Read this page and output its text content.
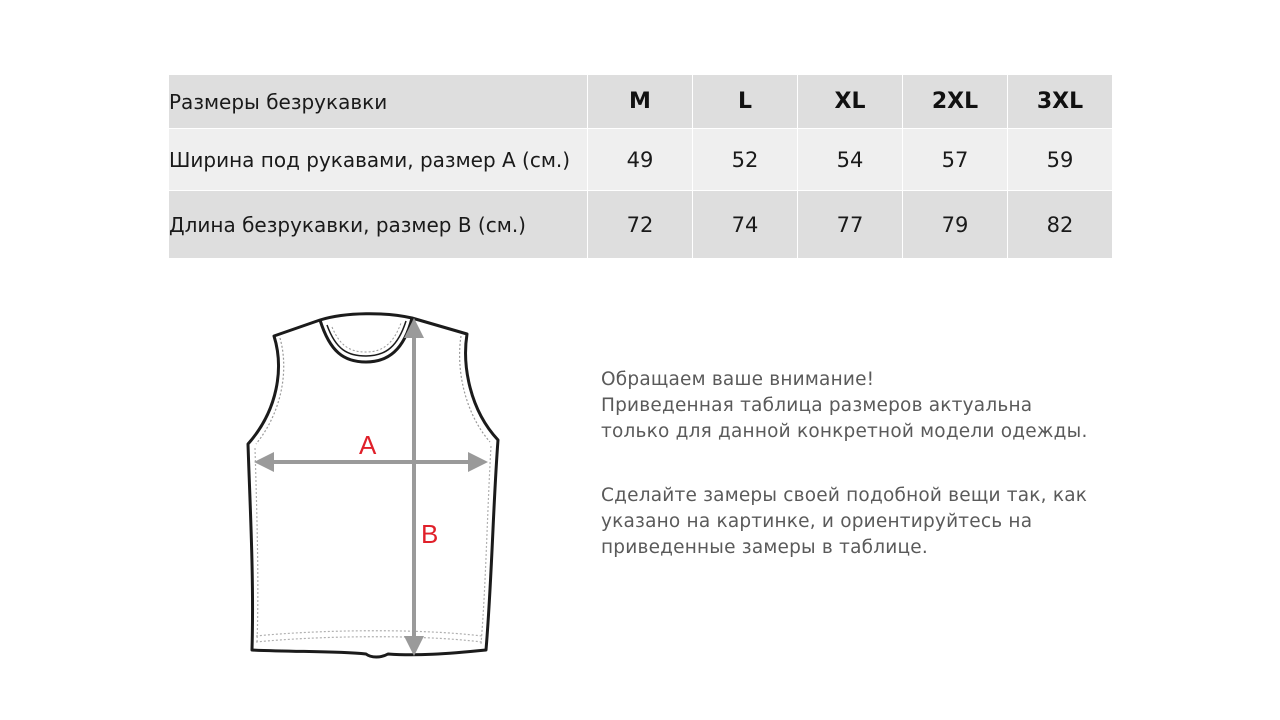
Размеры безрукавки	M	L	XL	2XL	3XL
Ширина под рукавами, размер A (см.)	49	52	54	57	59
Длина безрукавки, размер B (см.)	72	74	77	79	82
A
B

Обращаем ваше внимание!

Приведенная таблица размеров актуальна

только для данной конкретной модели одежды.

Сделайте замеры своей подобной вещи так, как

указано на картинке, и ориентируйтесь на

приведенные замеры в таблице.
